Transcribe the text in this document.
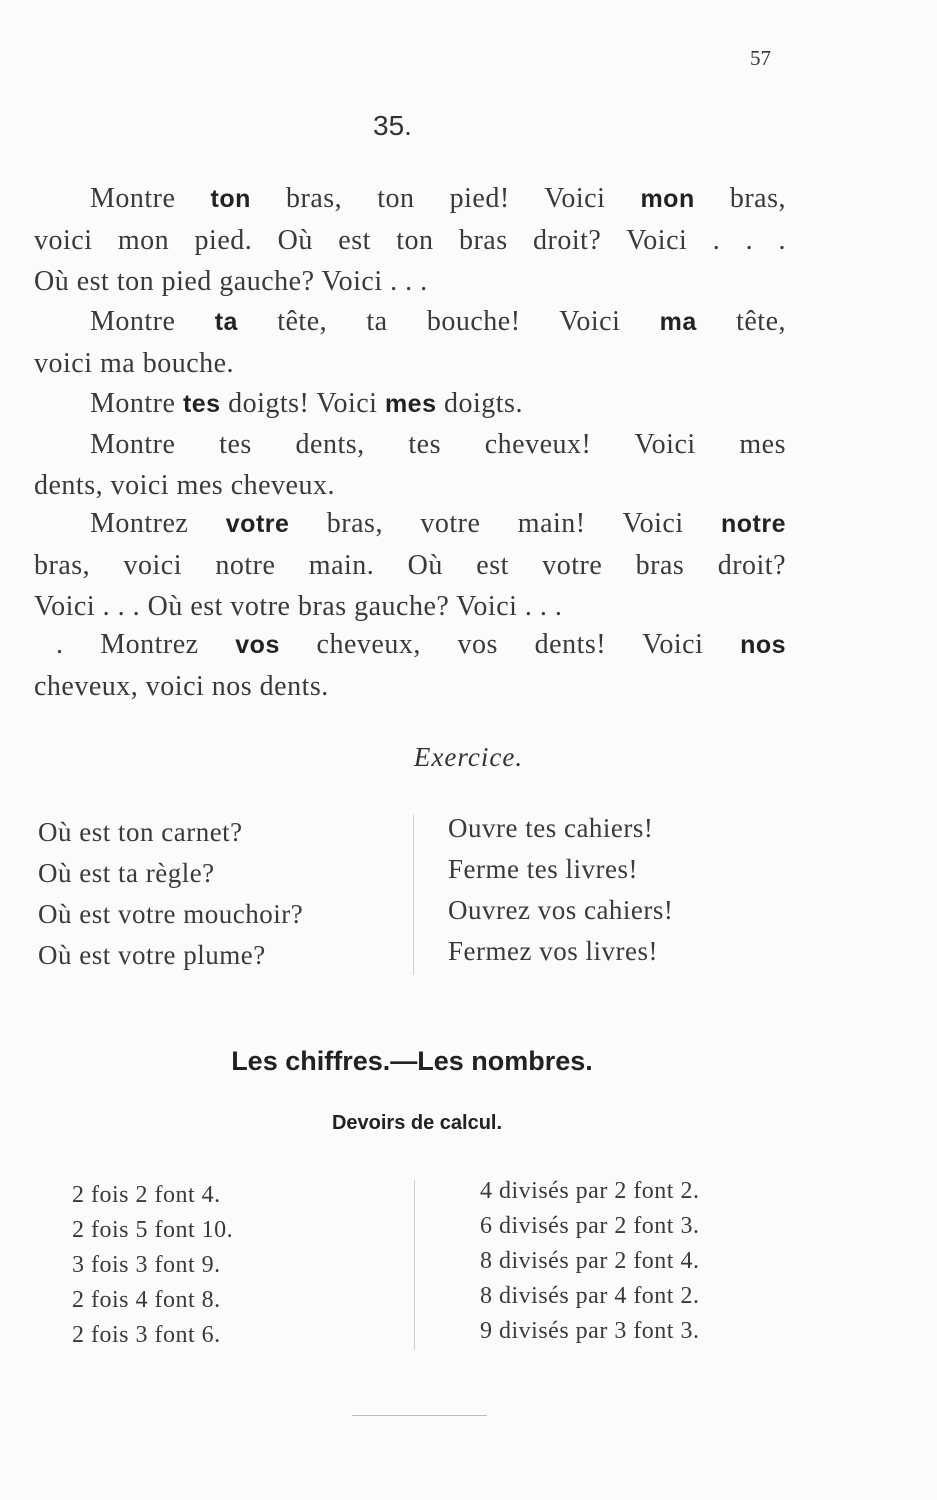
57
35.
Montre ton bras, ton pied! Voici mon bras,
voici mon pied. Où est ton bras droit? Voici . . .
Où est ton pied gauche? Voici . . .
Montre ta tête, ta bouche! Voici ma tête,
voici ma bouche.
Montre tes doigts! Voici mes doigts.
Montre tes dents, tes cheveux! Voici mes
dents, voici mes cheveux.
Montrez votre bras, votre main! Voici notre
bras, voici notre main. Où est votre bras droit?
Voici . . . Où est votre bras gauche? Voici . . .
. Montrez vos cheveux, vos dents! Voici nos
cheveux, voici nos dents.
Exercice.
Où est ton carnet?
Où est ta règle?
Où est votre mouchoir?
Où est votre plume?
Ouvre tes cahiers!
Ferme tes livres!
Ouvrez vos cahiers!
Fermez vos livres!
Les chiffres.—Les nombres.
Devoirs de calcul.
2 fois 2 font 4.
2 fois 5 font 10.
3 fois 3 font 9.
2 fois 4 font 8.
2 fois 3 font 6.
4 divisés par 2 font 2.
6 divisés par 2 font 3.
8 divisés par 2 font 4.
8 divisés par 4 font 2.
9 divisés par 3 font 3.
